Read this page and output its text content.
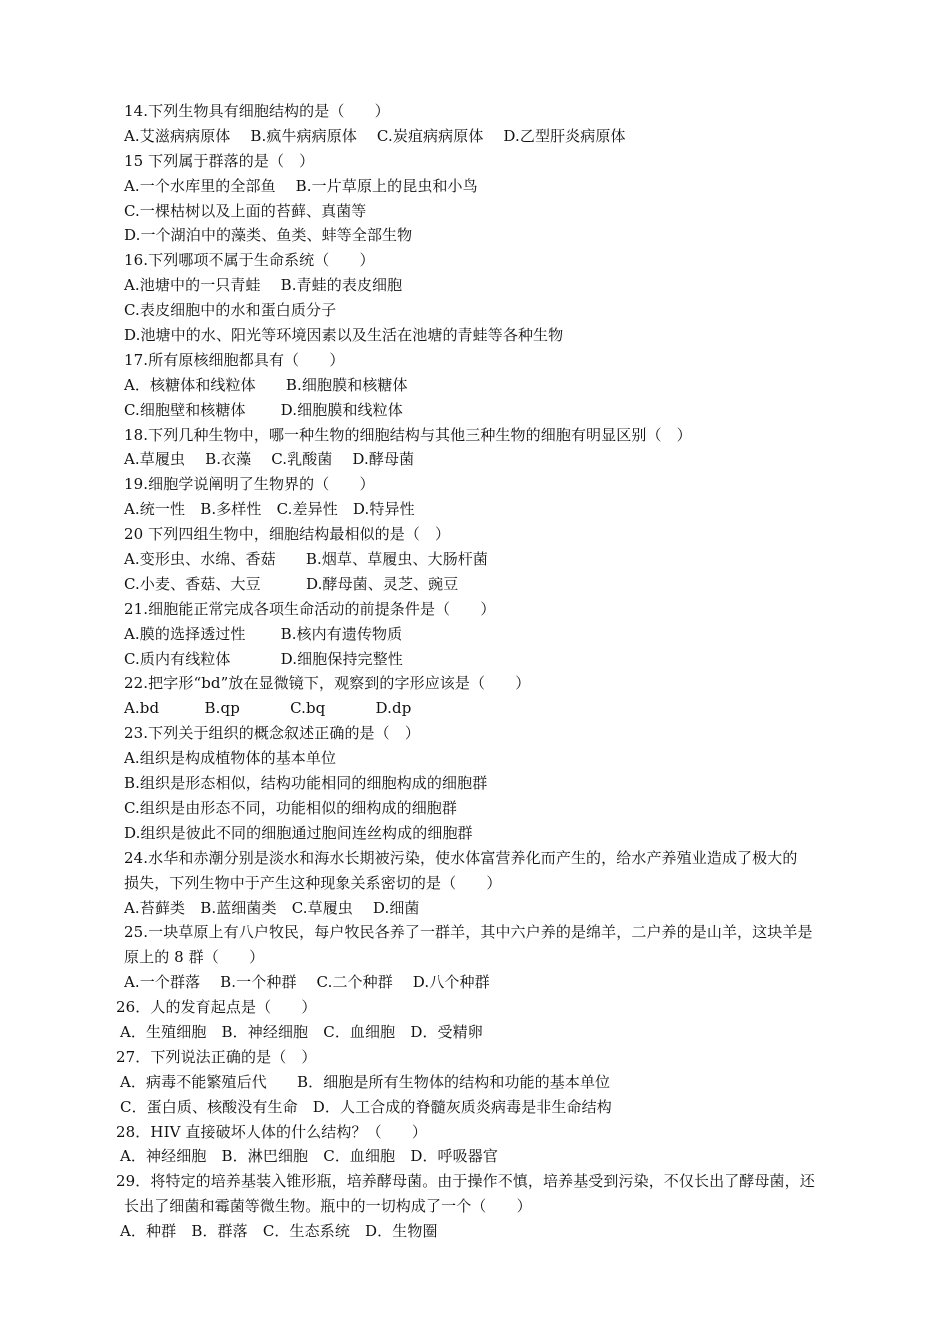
14.下列生物具有细胞结构的是（　　）
A.艾滋病病原体　 B.疯牛病病原体　 C.炭疽病病原体　 D.乙型肝炎病原体
15 下列属于群落的是（　）
A.一个水库里的全部鱼　 B.一片草原上的昆虫和小鸟
C.一棵枯树以及上面的苔藓、真菌等
D.一个湖泊中的藻类、鱼类、蚌等全部生物
16.下列哪项不属于生命系统（　　）
A.池塘中的一只青蛙　 B.青蛙的表皮细胞
C.表皮细胞中的水和蛋白质分子
D.池塘中的水、阳光等环境因素以及生活在池塘的青蛙等各种生物
17.所有原核细胞都具有（　　）
A．核糖体和线粒体　　B.细胞膜和核糖体
C.细胞壁和核糖体　　 D.细胞膜和线粒体
18.下列几种生物中，哪一种生物的细胞结构与其他三种生物的细胞有明显区别（　）
A.草履虫　 B.衣藻　 C.乳酸菌　 D.酵母菌
19.细胞学说阐明了生物界的（　　）
A.统一性　B.多样性　C.差异性　D.特异性
20 下列四组生物中，细胞结构最相似的是（　）
A.变形虫、水绵、香菇　　B.烟草、草履虫、大肠杆菌
C.小麦、香菇、大豆　　　D.酵母菌、灵芝、豌豆
21.细胞能正常完成各项生命活动的前提条件是（　　）
A.膜的选择透过性　　 B.核内有遗传物质
C.质内有线粒体　　　 D.细胞保持完整性
22.把字形“bd”放在显微镜下，观察到的字形应该是（　　）
A.bd　　　B.qp　　　 C.bq　　　 D.dp
23.下列关于组织的概念叙述正确的是（　）
A.组织是构成植物体的基本单位
B.组织是形态相似，结构功能相同的细胞构成的细胞群
C.组织是由形态不同，功能相似的细构成的细胞群
D.组织是彼此不同的细胞通过胞间连丝构成的细胞群
24.水华和赤潮分别是淡水和海水长期被污染，使水体富营养化而产生的，给水产养殖业造成了极大的
损失，下列生物中于产生这种现象关系密切的是（　　）
A.苔藓类　B.蓝细菌类　C.草履虫　 D.细菌
25.一块草原上有八户牧民，每户牧民各养了一群羊，其中六户养的是绵羊，二户养的是山羊，这块羊是
原上的 8 群（　　）
A.一个群落　 B.一个种群　 C.二个种群　 D.八个种群
26．人的发育起点是（　　）
A．生殖细胞　B．神经细胞　C．血细胞　D．受精卵
27．下列说法正确的是（　）
A．病毒不能繁殖后代　　B．细胞是所有生物体的结构和功能的基本单位
C．蛋白质、核酸没有生命　D．人工合成的脊髓灰质炎病毒是非生命结构
28．HIV 直接破坏人体的什么结构？（　　）
A．神经细胞　B．淋巴细胞　C．血细胞　D．呼吸器官
29．将特定的培养基装入锥形瓶，培养酵母菌。由于操作不慎，培养基受到污染，不仅长出了酵母菌，还
长出了细菌和霉菌等微生物。瓶中的一切构成了一个（　　）
A．种群　B．群落　C．生态系统　D．生物圈
